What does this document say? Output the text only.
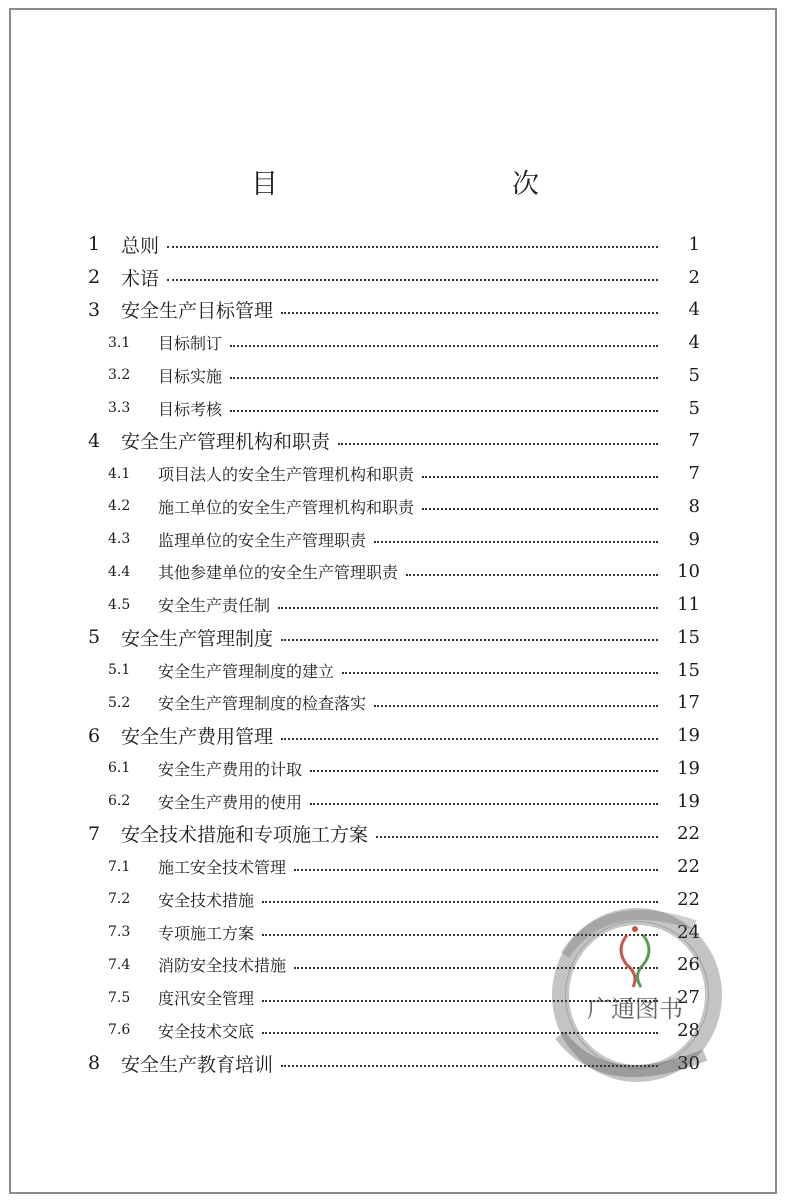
目　　次
1	总则	1
2	术语	2
3	安全生产目标管理	4
3.1	目标制订	4
3.2	目标实施	5
3.3	目标考核	5
4	安全生产管理机构和职责	7
4.1	项目法人的安全生产管理机构和职责	7
4.2	施工单位的安全生产管理机构和职责	8
4.3	监理单位的安全生产管理职责	9
4.4	其他参建单位的安全生产管理职责	10
4.5	安全生产责任制	11
5	安全生产管理制度	15
5.1	安全生产管理制度的建立	15
5.2	安全生产管理制度的检查落实	17
6	安全生产费用管理	19
6.1	安全生产费用的计取	19
6.2	安全生产费用的使用	19
7	安全技术措施和专项施工方案	22
7.1	施工安全技术管理	22
7.2	安全技术措施	22
7.3	专项施工方案	24
7.4	消防安全技术措施	26
7.5	度汛安全管理	27
7.6	安全技术交底	28
8	安全生产教育培训	30
广通图书
